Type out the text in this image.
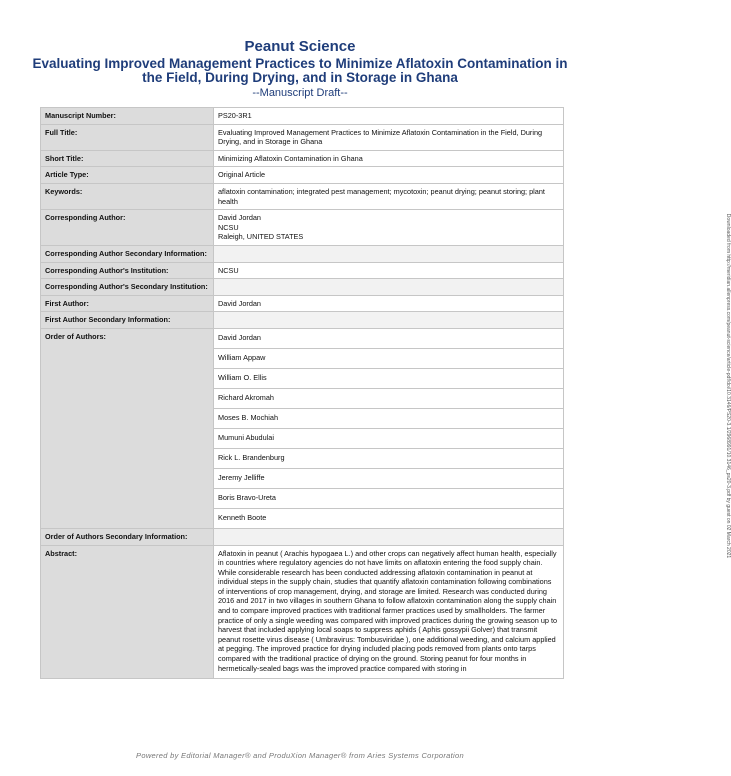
Peanut Science
Evaluating Improved Management Practices to Minimize Aflatoxin Contamination in the Field, During Drying, and in Storage in Ghana
--Manuscript Draft--
Manuscript Number:	PS20-3R1
Full Title:	Evaluating Improved Management Practices to Minimize Aflatoxin Contamination in the Field, During Drying, and in Storage in Ghana
Short Title:	Minimizing Aflatoxin Contamination in Ghana
Article Type:	Original Article
Keywords:	aflatoxin contamination; integrated pest management; mycotoxin; peanut drying; peanut storing; plant health
Corresponding Author:	David Jordan
NCSU
Raleigh, UNITED STATES

Corresponding Author Secondary Information:	
Corresponding Author's Institution:	NCSU
Corresponding Author's Secondary Institution:	
First Author:	David Jordan
First Author Secondary Information:	
Order of Authors:	David Jordan
	William Appaw
	William O. Ellis
	Richard Akromah
	Moses B. Mochiah
	Mumuni Abudulai
	Rick L. Brandenburg
	Jeremy Jelliffe
	Boris Bravo-Ureta
	Kenneth Boote
Order of Authors Secondary Information:	
Abstract:	Aflatoxin in peanut ( Arachis hypogaea L.) and other crops can negatively affect human health, especially in countries where regulatory agencies do not have limits on aflatoxin entering the food supply chain. While considerable research has been conducted addressing aflatoxin contamination in peanut at individual steps in the supply chain, studies that quantify aflatoxin contamination following combinations of interventions of crop management, drying, and storage are limited. Research was conducted during 2016 and 2017 in two villages in southern Ghana to follow aflatoxin contamination along the supply chain and to compare improved practices with traditional farmer practices used by smallholders. The farmer practice of only a single weeding was compared with improved practices during the growing season up to harvest that included applying local soaps to suppress aphids ( Aphis gossypii Golver) that transmit peanut rosette virus disease ( Umbravirus: Tombusviridae ), one additional weeding, and calcium applied at pegging. The improved practice for drying included placing pods removed from plants onto tarps compared with the traditional practice of drying on the ground. Storing peanut for four months in hermetically-sealed bags was the improved practice compared with storing in
Downloaded from http://meridian.allenpress.com/peanut-science/article-pdf/doi/10.3146/PS20-3.1/2968991/10.3146_ps20-3.pdf by guest on 02 March 2021
Powered by Editorial Manager® and ProduXion Manager® from Aries Systems Corporation
